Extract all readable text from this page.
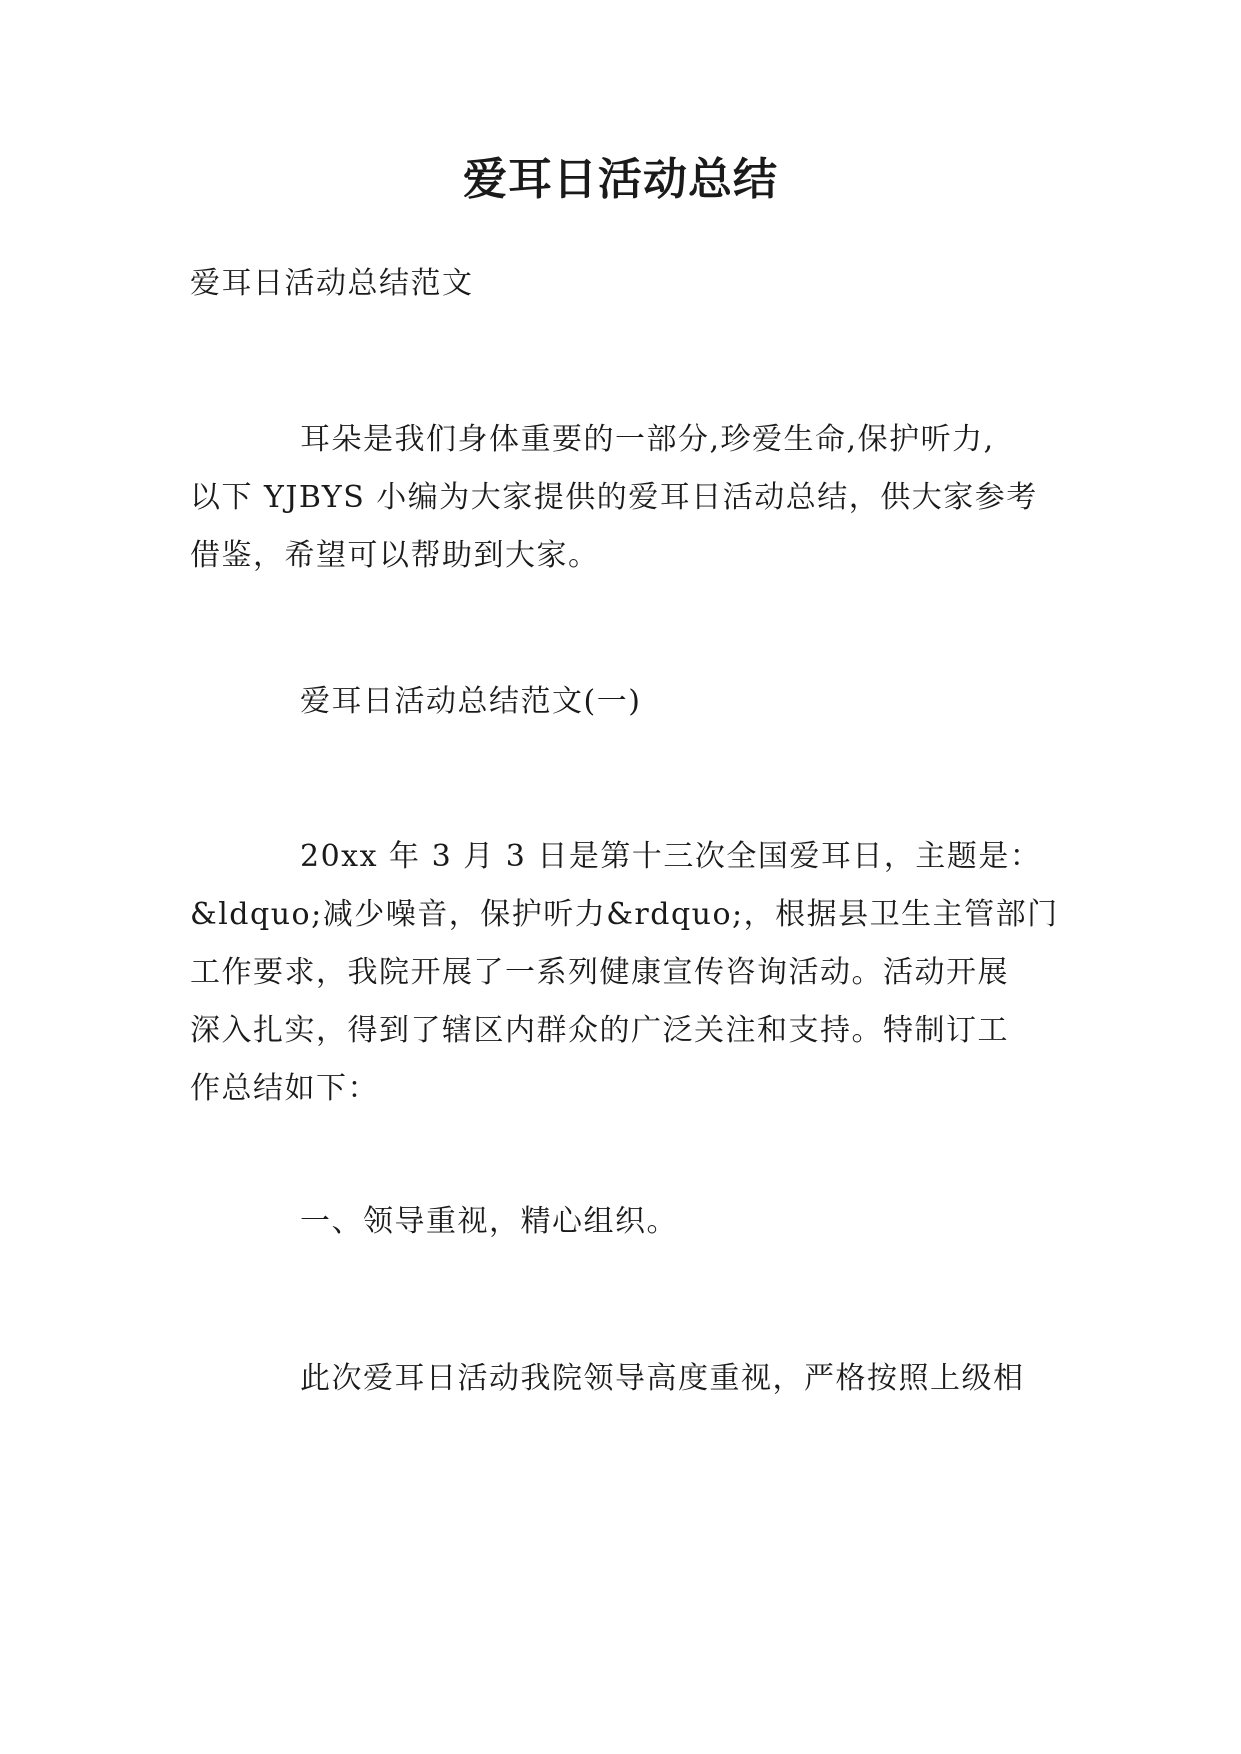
爱耳日活动总结
爱耳日活动总结范文
耳朵是我们身体重要的一部分,珍爱生命,保护听力,
以下 YJBYS 小编为大家提供的爱耳日活动总结，供大家参考
借鉴，希望可以帮助到大家。
爱耳日活动总结范文(一)
20xx 年 3 月 3 日是第十三次全国爱耳日，主题是：
&ldquo;减少噪音，保护听力&rdquo;，根据县卫生主管部门
工作要求，我院开展了一系列健康宣传咨询活动。活动开展
深入扎实，得到了辖区内群众的广泛关注和支持。特制订工
作总结如下：
一、领导重视，精心组织。
此次爱耳日活动我院领导高度重视，严格按照上级相
